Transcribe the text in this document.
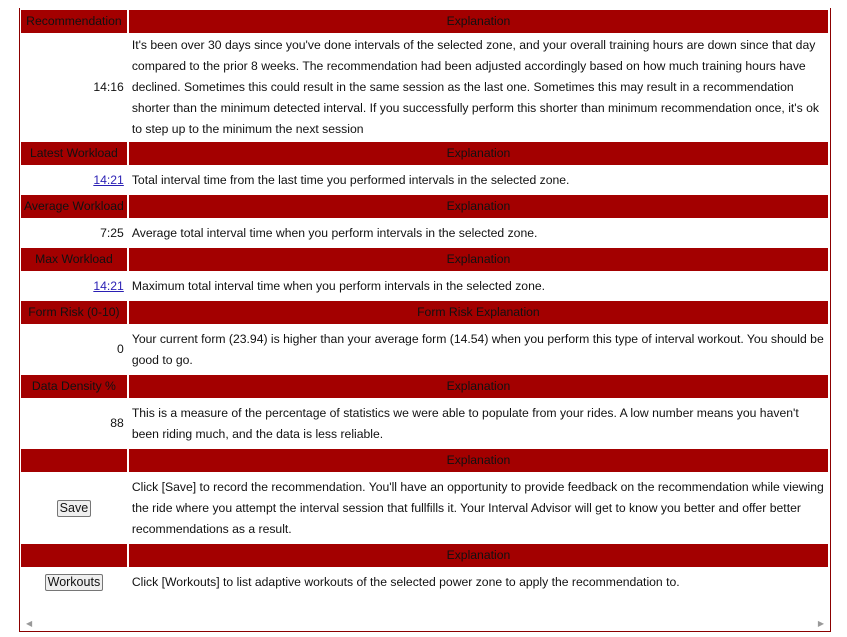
Recommendation	Explanation
14:16	It's been over 30 days since you've done intervals of the selected zone, and your overall training hours are down since that day compared to the prior 8 weeks. The recommendation had been adjusted accordingly based on how much training hours have declined. Sometimes this could result in the same session as the last one. Sometimes this may result in a recommendation shorter than the minimum detected interval. If you successfully perform this shorter than minimum recommendation once, it's ok to step up to the minimum the next session
Latest Workload	Explanation
14:21	Total interval time from the last time you performed intervals in the selected zone.
Average Workload	Explanation
7:25	Average total interval time when you perform intervals in the selected zone.
Max Workload	Explanation
14:21	Maximum total interval time when you perform intervals in the selected zone.
Form Risk (0-10)	Form Risk Explanation
0	Your current form (23.94) is higher than your average form (14.54) when you perform this type of interval workout. You should be good to go.
Data Density %	Explanation
88	This is a measure of the percentage of statistics we were able to populate from your rides. A low number means you haven't been riding much, and the data is less reliable.
	Explanation
Save	Click [Save] to record the recommendation. You'll have an opportunity to provide feedback on the recommendation while viewing the ride where you attempt the interval session that fullfills it. Your Interval Advisor will get to know you better and offer better recommendations as a result.
	Explanation
Workouts	Click [Workouts] to list adaptive workouts of the selected power zone to apply the recommendation to.
◀	▶
